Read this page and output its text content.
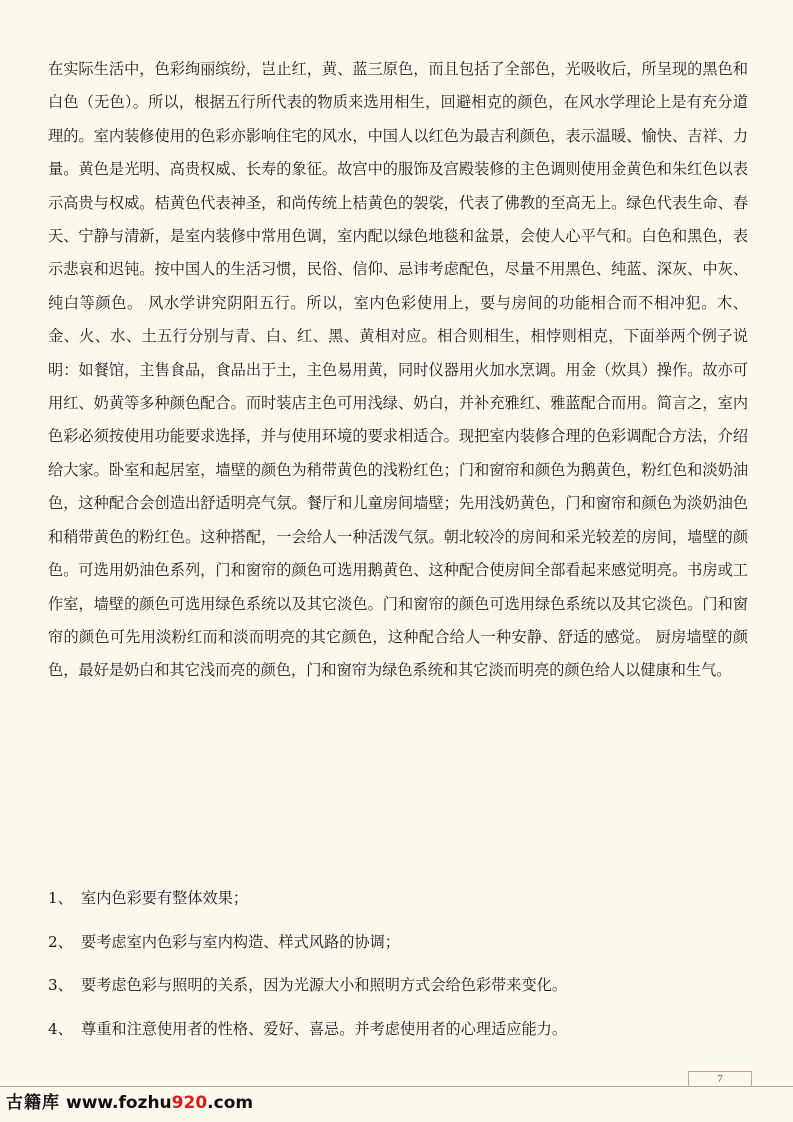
在实际生活中，色彩绚丽缤纷，岂止红，黄、蓝三原色，而且包括了全部色，光吸收后，所呈现的黑色和白色（无色）。所以，根据五行所代表的物质来选用相生，回避相克的颜色，在风水学理论上是有充分道理的。室内装修使用的色彩亦影响住宅的风水，中国人以红色为最吉利颜色，表示温暖、愉快、吉祥、力量。黄色是光明、高贵权威、长寿的象征。故宫中的服饰及宫殿装修的主色调则使用金黄色和朱红色以表示高贵与权威。桔黄色代表神圣，和尚传统上桔黄色的袈裟，代表了佛教的至高无上。绿色代表生命、春天、宁静与清新，是室内装修中常用色调，室内配以绿色地毯和盆景，会使人心平气和。白色和黑色，表示悲哀和迟钝。按中国人的生活习惯，民俗、信仰、忌讳考虑配色，尽量不用黑色、纯蓝、深灰、中灰、纯白等颜色。 风水学讲究阴阳五行。所以，室内色彩使用上，要与房间的功能相合而不相冲犯。木、金、火、水、土五行分别与青、白、红、黑、黄相对应。相合则相生，相悖则相克，下面举两个例子说明：如餐馆，主售食品，食品出于土，主色易用黄，同时仪器用火加水烹调。用金（炊具）操作。故亦可用红、奶黄等多种颜色配合。而时装店主色可用浅绿、奶白，并补充雅红、雅蓝配合而用。简言之，室内色彩必须按使用功能要求选择，并与使用环境的要求相适合。现把室内装修合理的色彩调配合方法，介绍给大家。卧室和起居室，墙壁的颜色为稍带黄色的浅粉红色；门和窗帘和颜色为鹅黄色，粉红色和淡奶油色，这种配合会创造出舒适明亮气氛。餐厅和儿童房间墙壁；先用浅奶黄色，门和窗帘和颜色为淡奶油色和稍带黄色的粉红色。这种搭配，一会给人一种活泼气氛。朝北较冷的房间和采光较差的房间，墙壁的颜色。可选用奶油色系列，门和窗帘的颜色可选用鹅黄色、这种配合使房间全部看起来感觉明亮。书房或工作室，墙壁的颜色可选用绿色系统以及其它淡色。门和窗帘的颜色可选用绿色系统以及其它淡色。门和窗帘的颜色可先用淡粉红而和淡而明亮的其它颜色，这种配合给人一种安静、舒适的感觉。 厨房墙壁的颜色，最好是奶白和其它浅而亮的颜色，门和窗帘为绿色系统和其它淡而明亮的颜色给人以健康和生气。

1、 室内色彩要有整体效果；
2、 要考虑室内色彩与室内构造、样式风路的协调；
3、 要考虑色彩与照明的关系，因为光源大小和照明方式会给色彩带来变化。
4、 尊重和注意使用者的性格、爱好、喜忌。并考虑使用者的心理适应能力。
7
古籍库 www.fozhu920.com
